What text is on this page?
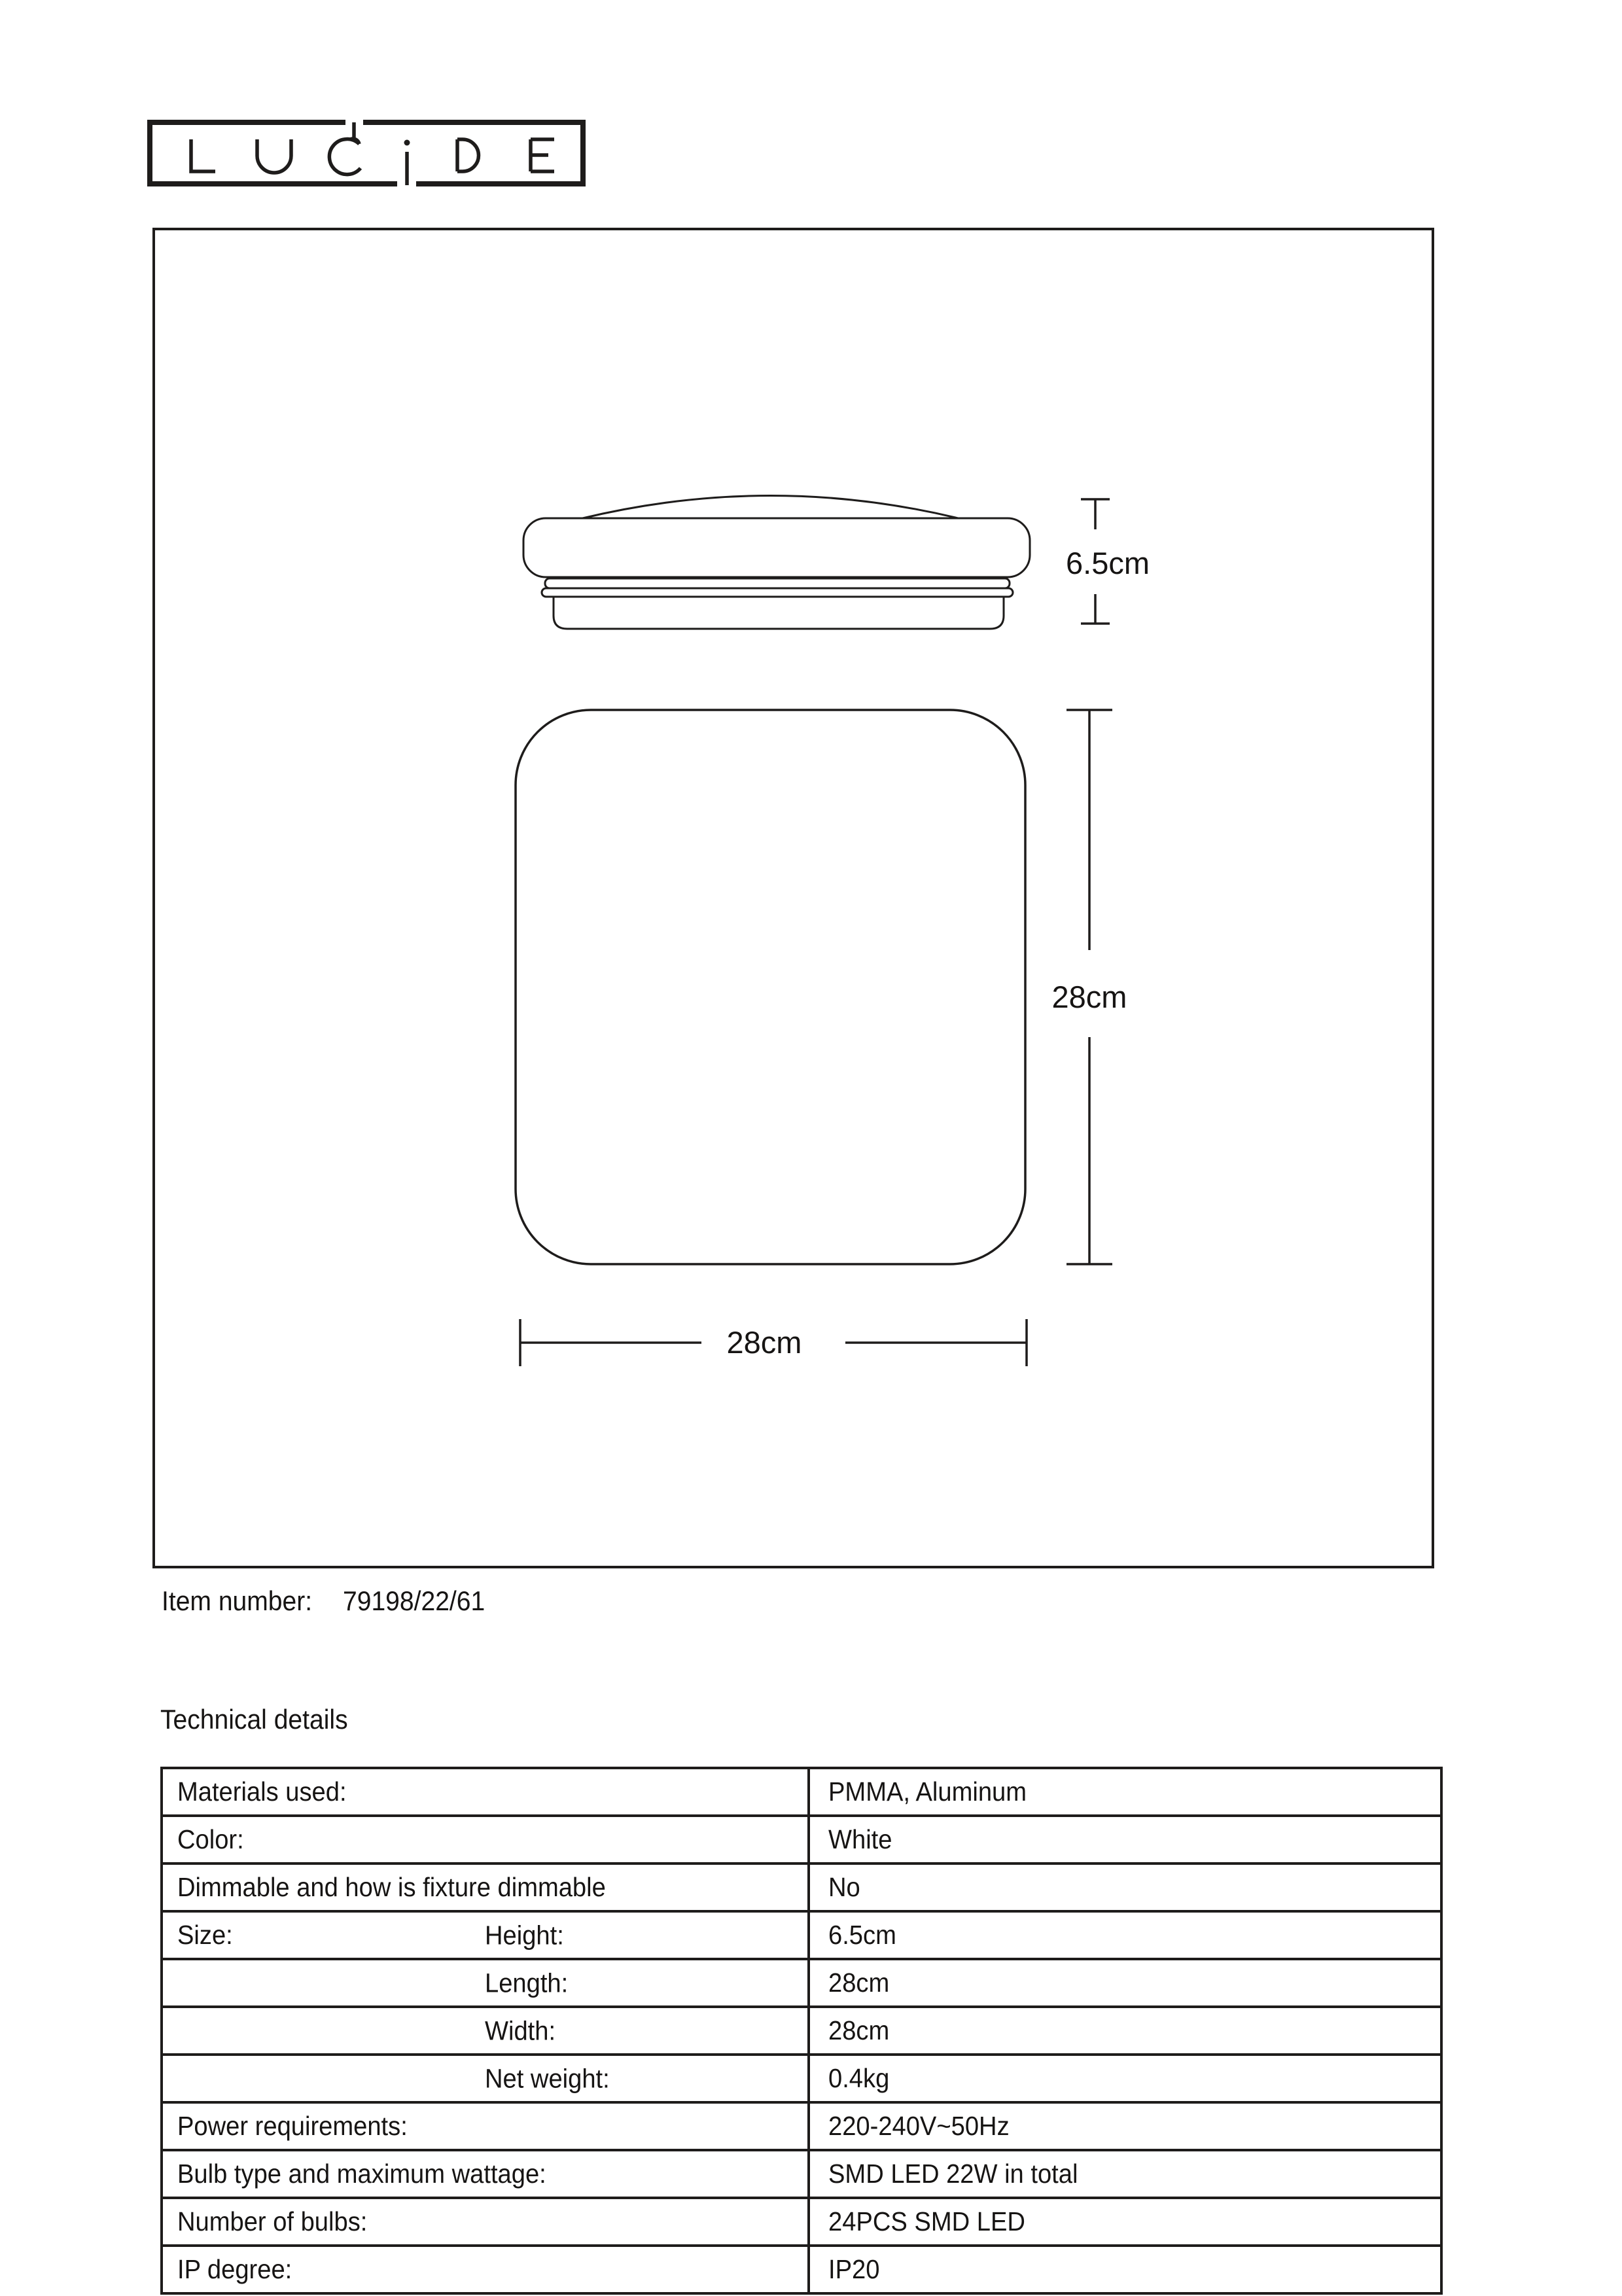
6.5cm
28cm
28cm
Item number: 79198/22/61
Technical details
Materials used:	PMMA, Aluminum
Color:	White
Dimmable and how is fixture dimmable	No
Size: Height:	6.5cm

Length:	28cm

Width:	28cm

Net weight:	0.4kg
Power requirements:	220-240V~50Hz
Bulb type and maximum wattage:	SMD LED 22W in total
Number of bulbs:	24PCS SMD LED
IP degree:	IP20
